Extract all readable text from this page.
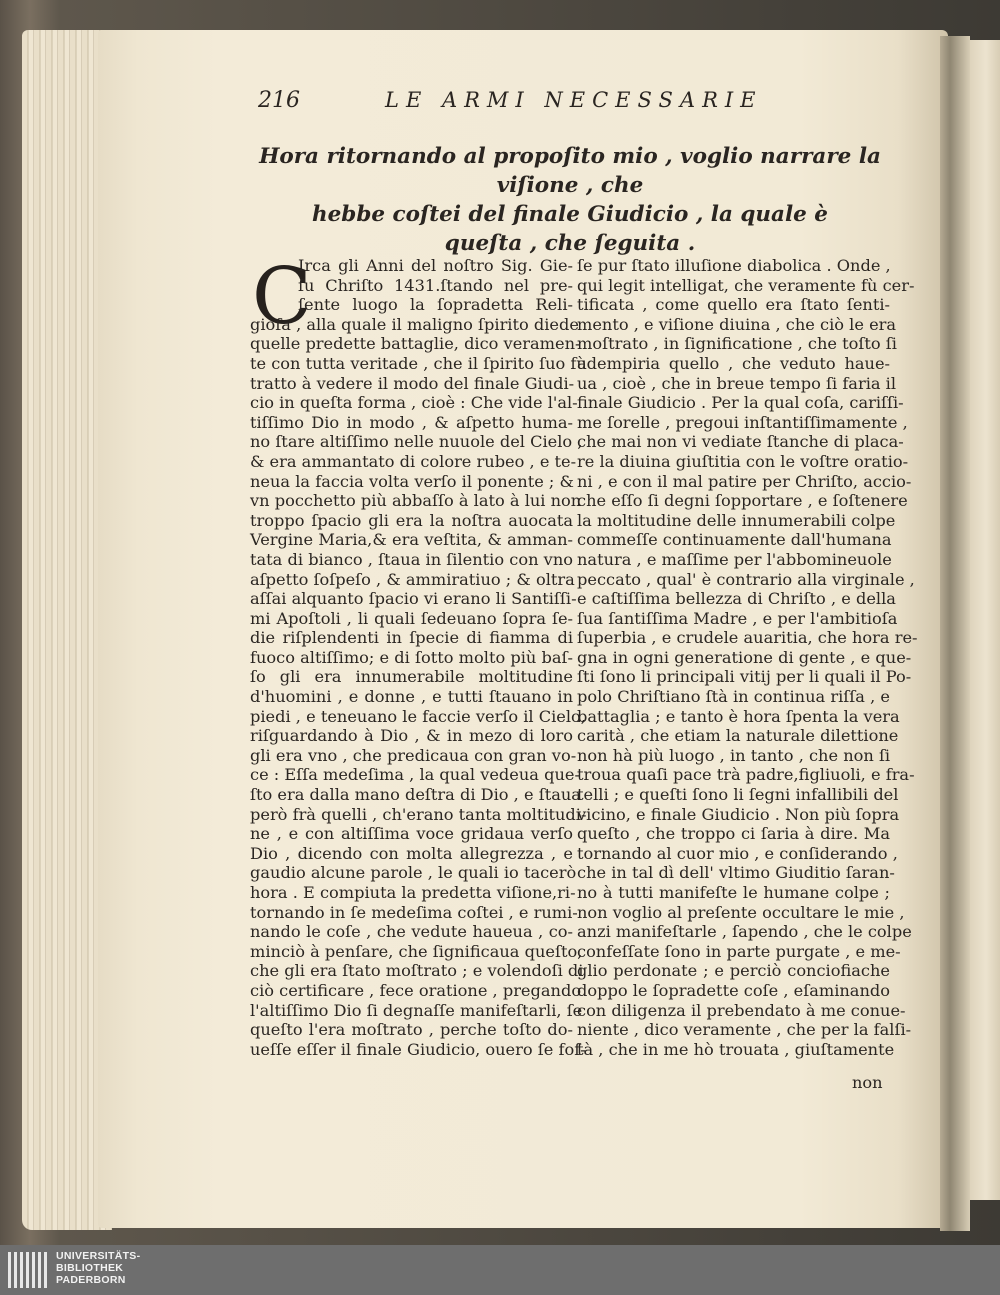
216	LE ARMI NECESSARIE
Hora ritornando al propoſito mio , voglio narrare la viſione , che
hebbe coſtei del finale Giudicio , la quale è
queſta , che ſeguita .
C
Irca gli Anni del noſtro Sig. Gie-
ſu Chriſto 1431.ſtando nel pre-
ſente luogo la ſopradetta Reli-
gioſa , alla quale il maligno ſpirito diede
quelle predette battaglie, dico veramen-
te con tutta veritade , che il ſpirito ſuo fù
tratto à vedere il modo del finale Giudi-
cio in queſta forma , cioè : Che vide l'al-
tiſſimo Dio in modo , & aſpetto huma-
no ſtare altiſſimo nelle nuuole del Cielo ,
& era ammantato di colore rubeo , e te-
neua la faccia volta verſo il ponente ; &
vn pocchetto più abbaſſo à lato à lui non
troppo ſpacio gli era la noſtra auocata
Vergine Maria,& era veſtita, & amman-
tata di bianco , ſtaua in ſilentio con vno
aſpetto ſoſpeſo , & ammiratiuo ; & oltra
aſſai alquanto ſpacio vi erano li Santiſſi-
mi Apoſtoli , li quali ſedeuano ſopra ſe-
die riſplendenti in ſpecie di fiamma di
fuoco altiſſimo; e di ſotto molto più baſ-
ſo gli era innumerabile moltitudine
d'huomini , e donne , e tutti ſtauano in
piedi , e teneuano le faccie verſo il Cielo,
riſguardando à Dio , & in mezo di loro
gli era vno , che predicaua con gran vo-
ce : Eſſa medeſima , la qual vedeua que-
ſto era dalla mano deſtra di Dio , e ſtaua
però frà quelli , ch'erano tanta moltitudi-
ne , e con altiſſima voce gridaua verſo
Dio , dicendo con molta allegrezza , e
gaudio alcune parole , le quali io tacerò
hora . E compiuta la predetta viſione,ri-
tornando in ſe medeſima coſtei , e rumi-
nando le coſe , che vedute haueua , co-
minciò à penſare, che ſignificaua queſto,
che gli era ſtato moſtrato ; e volendoſi di
ciò certificare , fece oratione , pregando
l'altiſſimo Dio ſi degnaſſe manifeſtarli, ſe
queſto l'era moſtrato , perche toſto do-
ueſſe eſſer il finale Giudicio, ouero ſe foſ-
ſe pur ſtato illuſione diabolica . Onde ,
qui legit intelligat, che veramente fù cer-
tificata , come quello era ſtato ſenti-
mento , e viſione diuina , che ciò le era
moſtrato , in ſignificatione , che toſto ſi
adempiria quello , che veduto haue-
ua , cioè , che in breue tempo ſi faria il
finale Giudicio . Per la qual coſa, cariſſi-
me ſorelle , pregoui inſtantiſſimamente ,
che mai non vi vediate ſtanche di placa-
re la diuina giuſtitia con le voſtre oratio-
ni , e con il mal patire per Chriſto, accio-
che eſſo ſi degni ſopportare , e ſoſtenere
la moltitudine delle innumerabili colpe
commeſſe continuamente dall'humana
natura , e maſſime per l'abbomineuole
peccato , qual' è contrario alla virginale ,
e caſtiſſima bellezza di Chriſto , e della
ſua ſantiſſima Madre , e per l'ambitioſa
ſuperbia , e crudele auaritia, che hora re-
gna in ogni generatione di gente , e que-
ſti ſono li principali vitij per li quali il Po-
polo Chriſtiano ſtà in continua riſſa , e
battaglia ; e tanto è hora ſpenta la vera
carità , che etiam la naturale dilettione
non hà più luogo , in tanto , che non ſi
troua quaſi pace trà padre,figliuoli, e fra-
telli ; e queſti ſono li ſegni infallibili del
vicino, e finale Giudicio . Non più ſopra
queſto , che troppo ci ſaria à dire. Ma
tornando al cuor mio , e conſiderando ,
che in tal dì dell' vltimo Giuditio ſaran-
no à tutti manifeſte le humane colpe ;
non voglio al preſente occultare le mie ,
anzi manifeſtarle , ſapendo , che le colpe
confeſſate ſono in parte purgate , e me-
glio perdonate ; e perciò conciofiache
doppo le ſopradette coſe , eſaminando
con diligenza il prebendato à me conue-
niente , dico veramente , che per la falſi-
tà , che in me hò trouata , giuſtamente
non
UNIVERSITÄTS-
BIBLIOTHEK
PADERBORN
